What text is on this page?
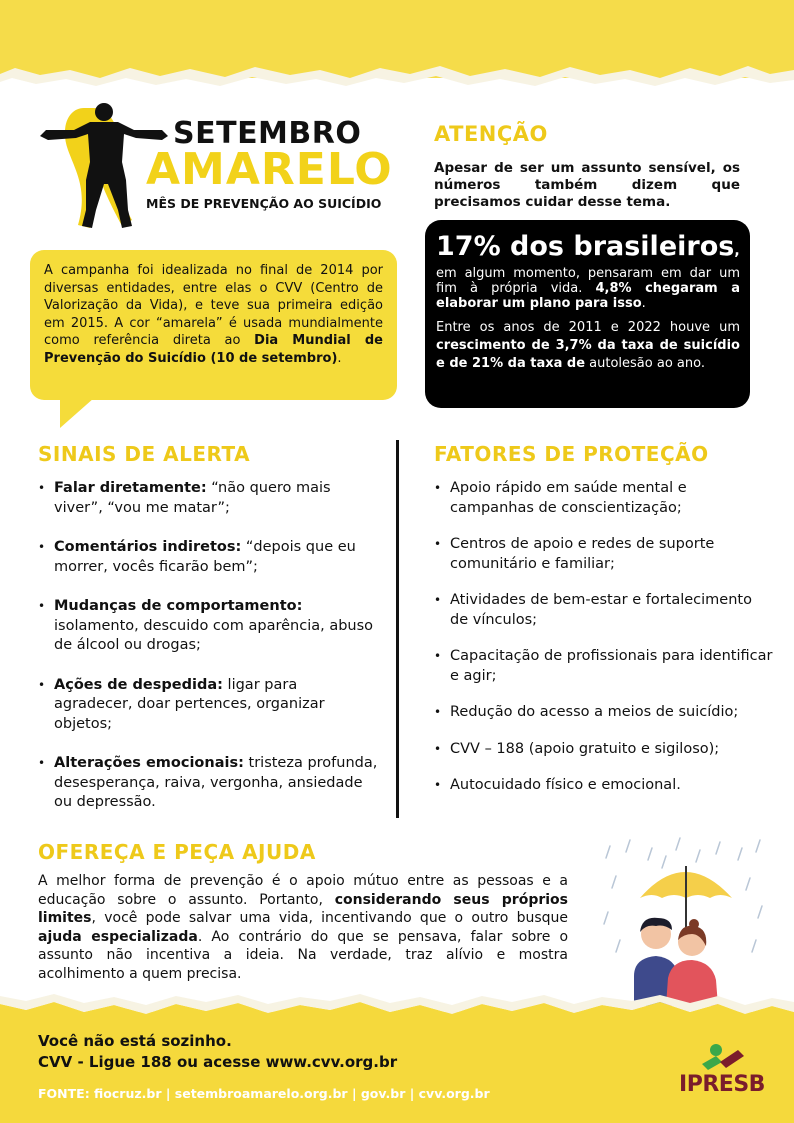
SETEMBRO
AMARELO
MÊS DE PREVENÇÃO AO SUICÍDIO
A campanha foi idealizada no final de 2014 por diversas entidades, entre elas o CVV (Centro de Valorização da Vida), e teve sua primeira edição em 2015. A cor “amarela” é usada mundialmente como referência direta ao Dia Mundial de Prevenção do Suicídio (10 de setembro).
ATENÇÃO
Apesar de ser um assunto sensível, os números também dizem que precisamos cuidar desse tema.
17% dos brasileiros,
em algum momento, pensaram em dar um fim à própria vida. 4,8% chegaram a elaborar um plano para isso.
Entre os anos de 2011 e 2022 houve um crescimento de 3,7% da taxa de suicídio e de 21% da taxa de autolesão ao ano.
SINAIS DE ALERTA
• Falar diretamente: “não quero mais viver”, “vou me matar”;
• Comentários indiretos: “depois que eu morrer, vocês ficarão bem”;
• Mudanças de comportamento: isolamento, descuido com aparência, abuso de álcool ou drogas;
• Ações de despedida: ligar para agradecer, doar pertences, organizar objetos;
• Alterações emocionais: tristeza profunda, desesperança, raiva, vergonha, ansiedade ou depressão.
FATORES DE PROTEÇÃO
• Apoio rápido em saúde mental e campanhas de conscientização;
• Centros de apoio e redes de suporte comunitário e familiar;
• Atividades de bem-estar e fortalecimento de vínculos;
• Capacitação de profissionais para identificar e agir;
• Redução do acesso a meios de suicídio;
• CVV – 188 (apoio gratuito e sigiloso);
• Autocuidado físico e emocional.
OFEREÇA E PEÇA AJUDA
A melhor forma de prevenção é o apoio mútuo entre as pessoas e a educação sobre o assunto. Portanto, considerando seus próprios limites, você pode salvar uma vida, incentivando que o outro busque ajuda especializada. Ao contrário do que se pensava, falar sobre o assunto não incentiva a ideia. Na verdade, traz alívio e mostra acolhimento a quem precisa.
Você não está sozinho.
CVV - Ligue 188 ou acesse www.cvv.org.br
FONTE: fiocruz.br | setembroamarelo.org.br | gov.br | cvv.org.br	IPRESB
